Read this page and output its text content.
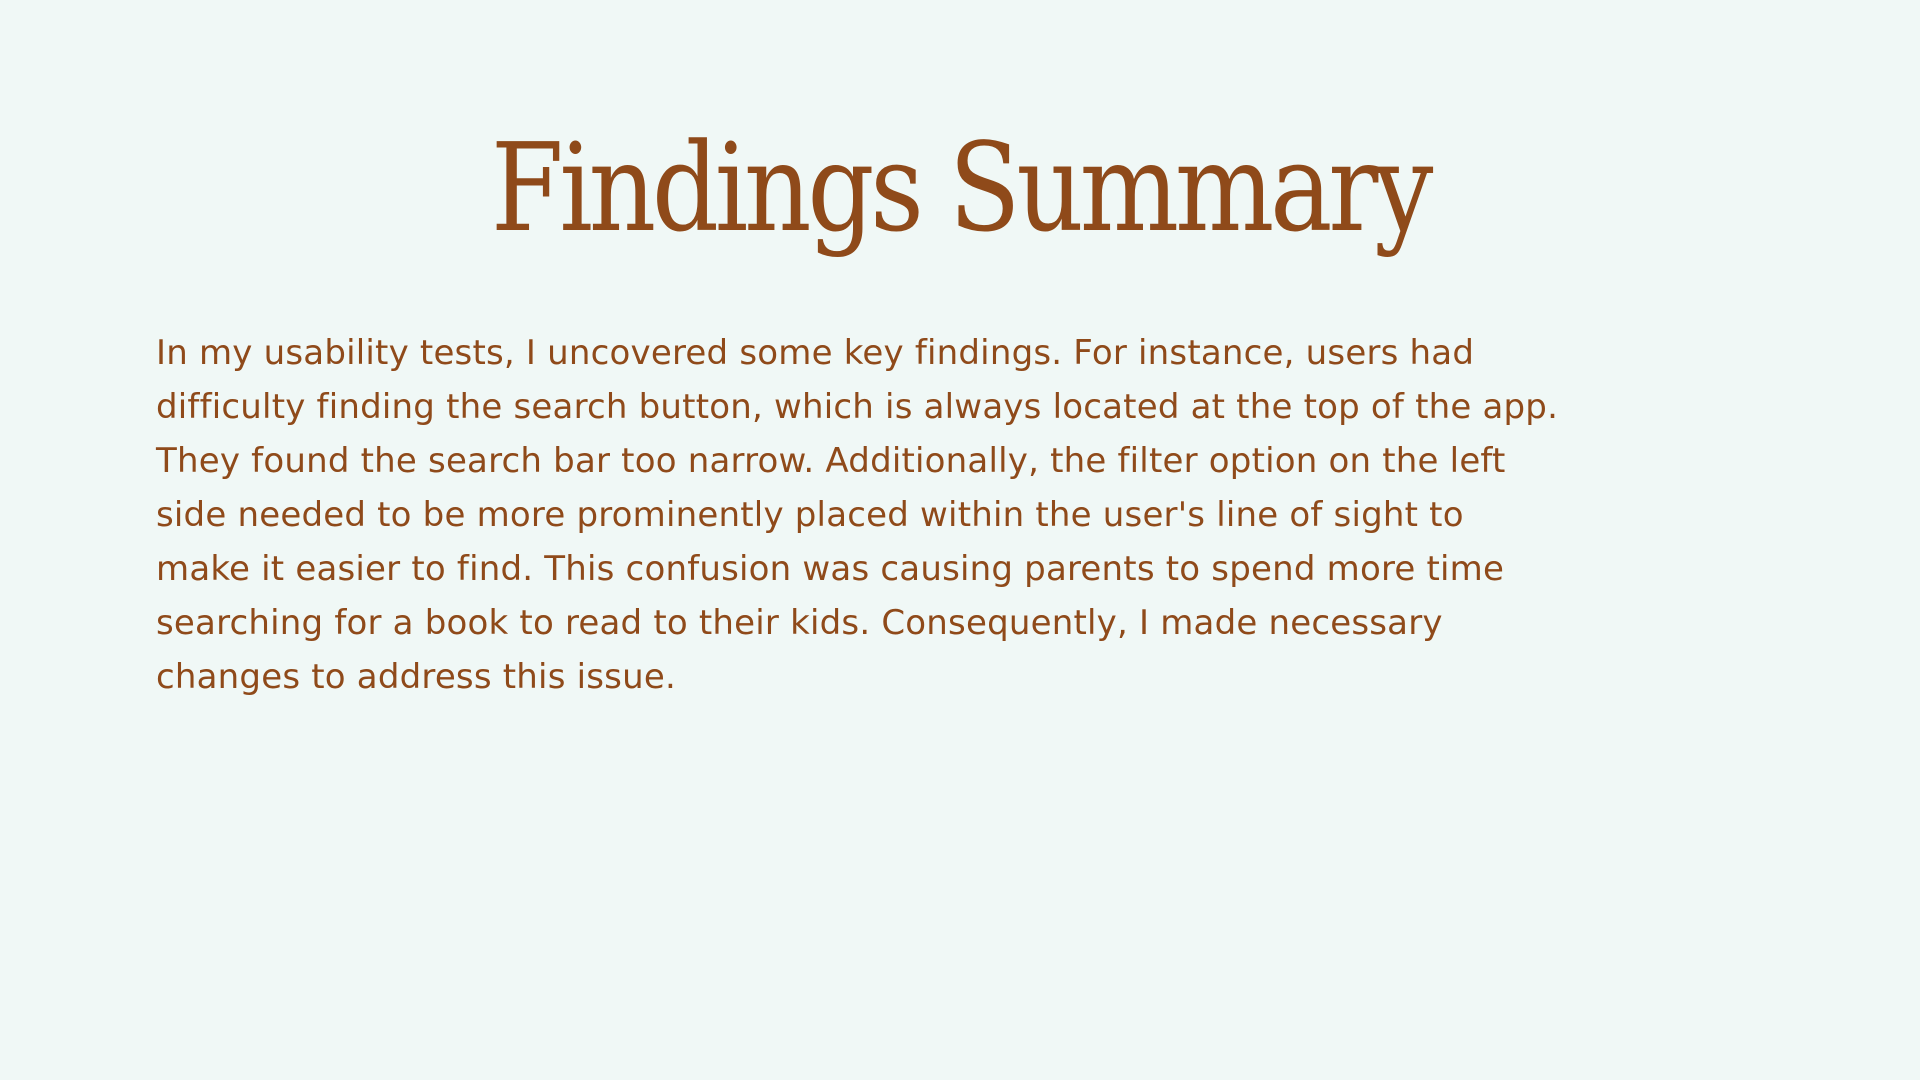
Findings Summary

In my usability tests, I uncovered some key findings. For instance, users had
difficulty finding the search button, which is always located at the top of the app.
They found the search bar too narrow. Additionally, the filter option on the left
side needed to be more prominently placed within the user's line of sight to
make it easier to find. This confusion was causing parents to spend more time
searching for a book to read to their kids. Consequently, I made necessary
changes to address this issue.
